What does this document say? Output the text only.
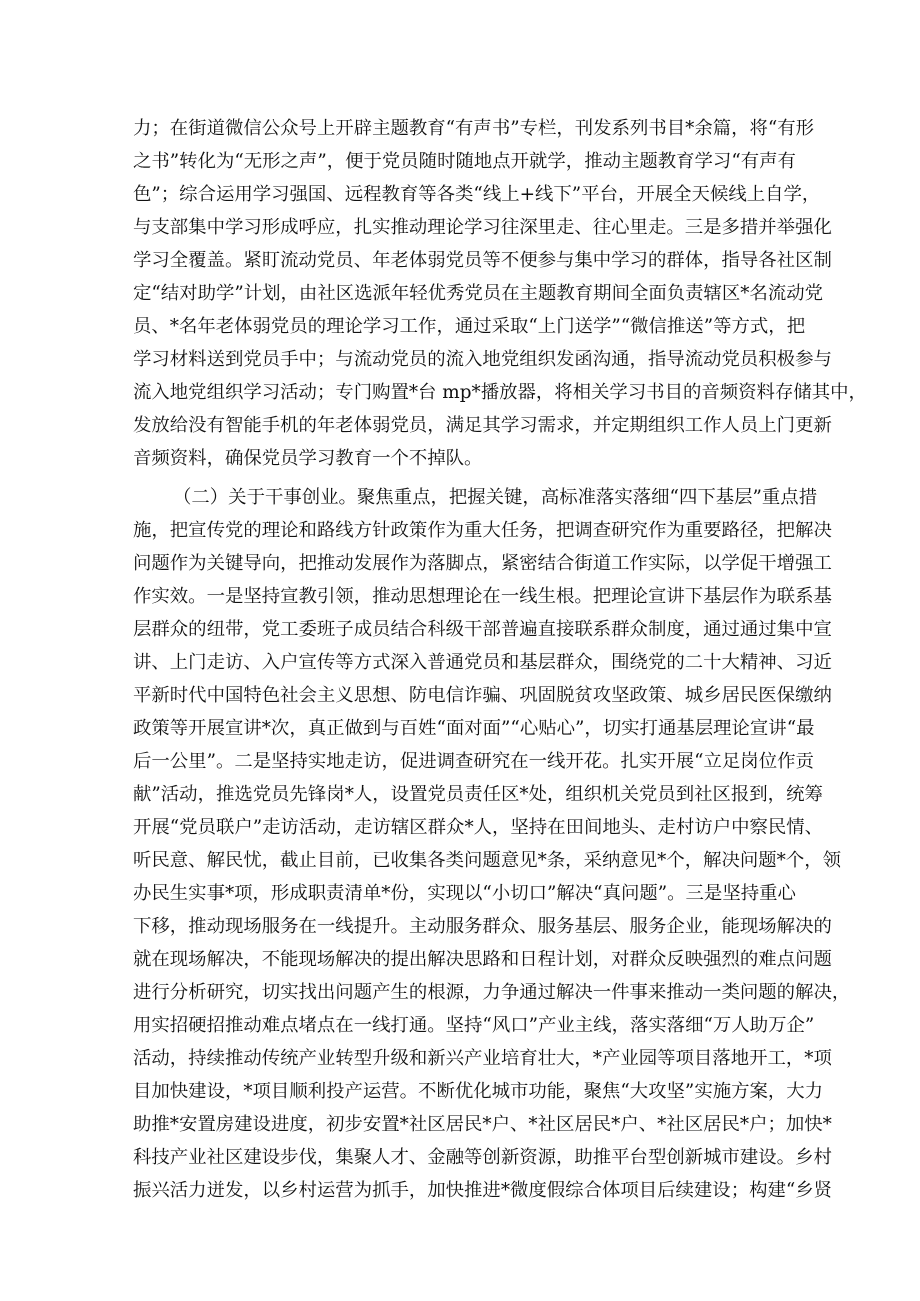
力；在街道微信公众号上开辟主题教育“有声书”专栏，刊发系列书目*余篇，将“有形
之书”转化为“无形之声”，便于党员随时随地点开就学，推动主题教育学习“有声有
色”；综合运用学习强国、远程教育等各类“线上+线下”平台，开展全天候线上自学，
与支部集中学习形成呼应，扎实推动理论学习往深里走、往心里走。三是多措并举强化
学习全覆盖。紧盯流动党员、年老体弱党员等不便参与集中学习的群体，指导各社区制
定“结对助学”计划，由社区选派年轻优秀党员在主题教育期间全面负责辖区*名流动党
员、*名年老体弱党员的理论学习工作，通过采取“上门送学”“微信推送”等方式，把
学习材料送到党员手中；与流动党员的流入地党组织发函沟通，指导流动党员积极参与
流入地党组织学习活动；专门购置*台 mp*播放器，将相关学习书目的音频资料存储其中，
发放给没有智能手机的年老体弱党员，满足其学习需求，并定期组织工作人员上门更新
音频资料，确保党员学习教育一个不掉队。
（二）关于干事创业。聚焦重点，把握关键，高标准落实落细“四下基层”重点措
施，把宣传党的理论和路线方针政策作为重大任务，把调查研究作为重要路径，把解决
问题作为关键导向，把推动发展作为落脚点，紧密结合街道工作实际，以学促干增强工
作实效。一是坚持宣教引领，推动思想理论在一线生根。把理论宣讲下基层作为联系基
层群众的纽带，党工委班子成员结合科级干部普遍直接联系群众制度，通过通过集中宣
讲、上门走访、入户宣传等方式深入普通党员和基层群众，围绕党的二十大精神、习近
平新时代中国特色社会主义思想、防电信诈骗、巩固脱贫攻坚政策、城乡居民医保缴纳
政策等开展宣讲*次，真正做到与百姓“面对面”“心贴心”，切实打通基层理论宣讲“最
后一公里”。二是坚持实地走访，促进调查研究在一线开花。扎实开展“立足岗位作贡
献”活动，推选党员先锋岗*人，设置党员责任区*处，组织机关党员到社区报到，统筹
开展“党员联户”走访活动，走访辖区群众*人，坚持在田间地头、走村访户中察民情、
听民意、解民忧，截止目前，已收集各类问题意见*条，采纳意见*个，解决问题*个，领
办民生实事*项，形成职责清单*份，实现以“小切口”解决“真问题”。三是坚持重心
下移，推动现场服务在一线提升。主动服务群众、服务基层、服务企业，能现场解决的
就在现场解决，不能现场解决的提出解决思路和日程计划，对群众反映强烈的难点问题
进行分析研究，切实找出问题产生的根源，力争通过解决一件事来推动一类问题的解决，
用实招硬招推动难点堵点在一线打通。坚持“风口”产业主线，落实落细“万人助万企”
活动，持续推动传统产业转型升级和新兴产业培育壮大，*产业园等项目落地开工，*项
目加快建设，*项目顺利投产运营。不断优化城市功能，聚焦“大攻坚”实施方案，大力
助推*安置房建设进度，初步安置*社区居民*户、*社区居民*户、*社区居民*户；加快*
科技产业社区建设步伐，集聚人才、金融等创新资源，助推平台型创新城市建设。乡村
振兴活力迸发，以乡村运营为抓手，加快推进*微度假综合体项目后续建设；构建“乡贤
